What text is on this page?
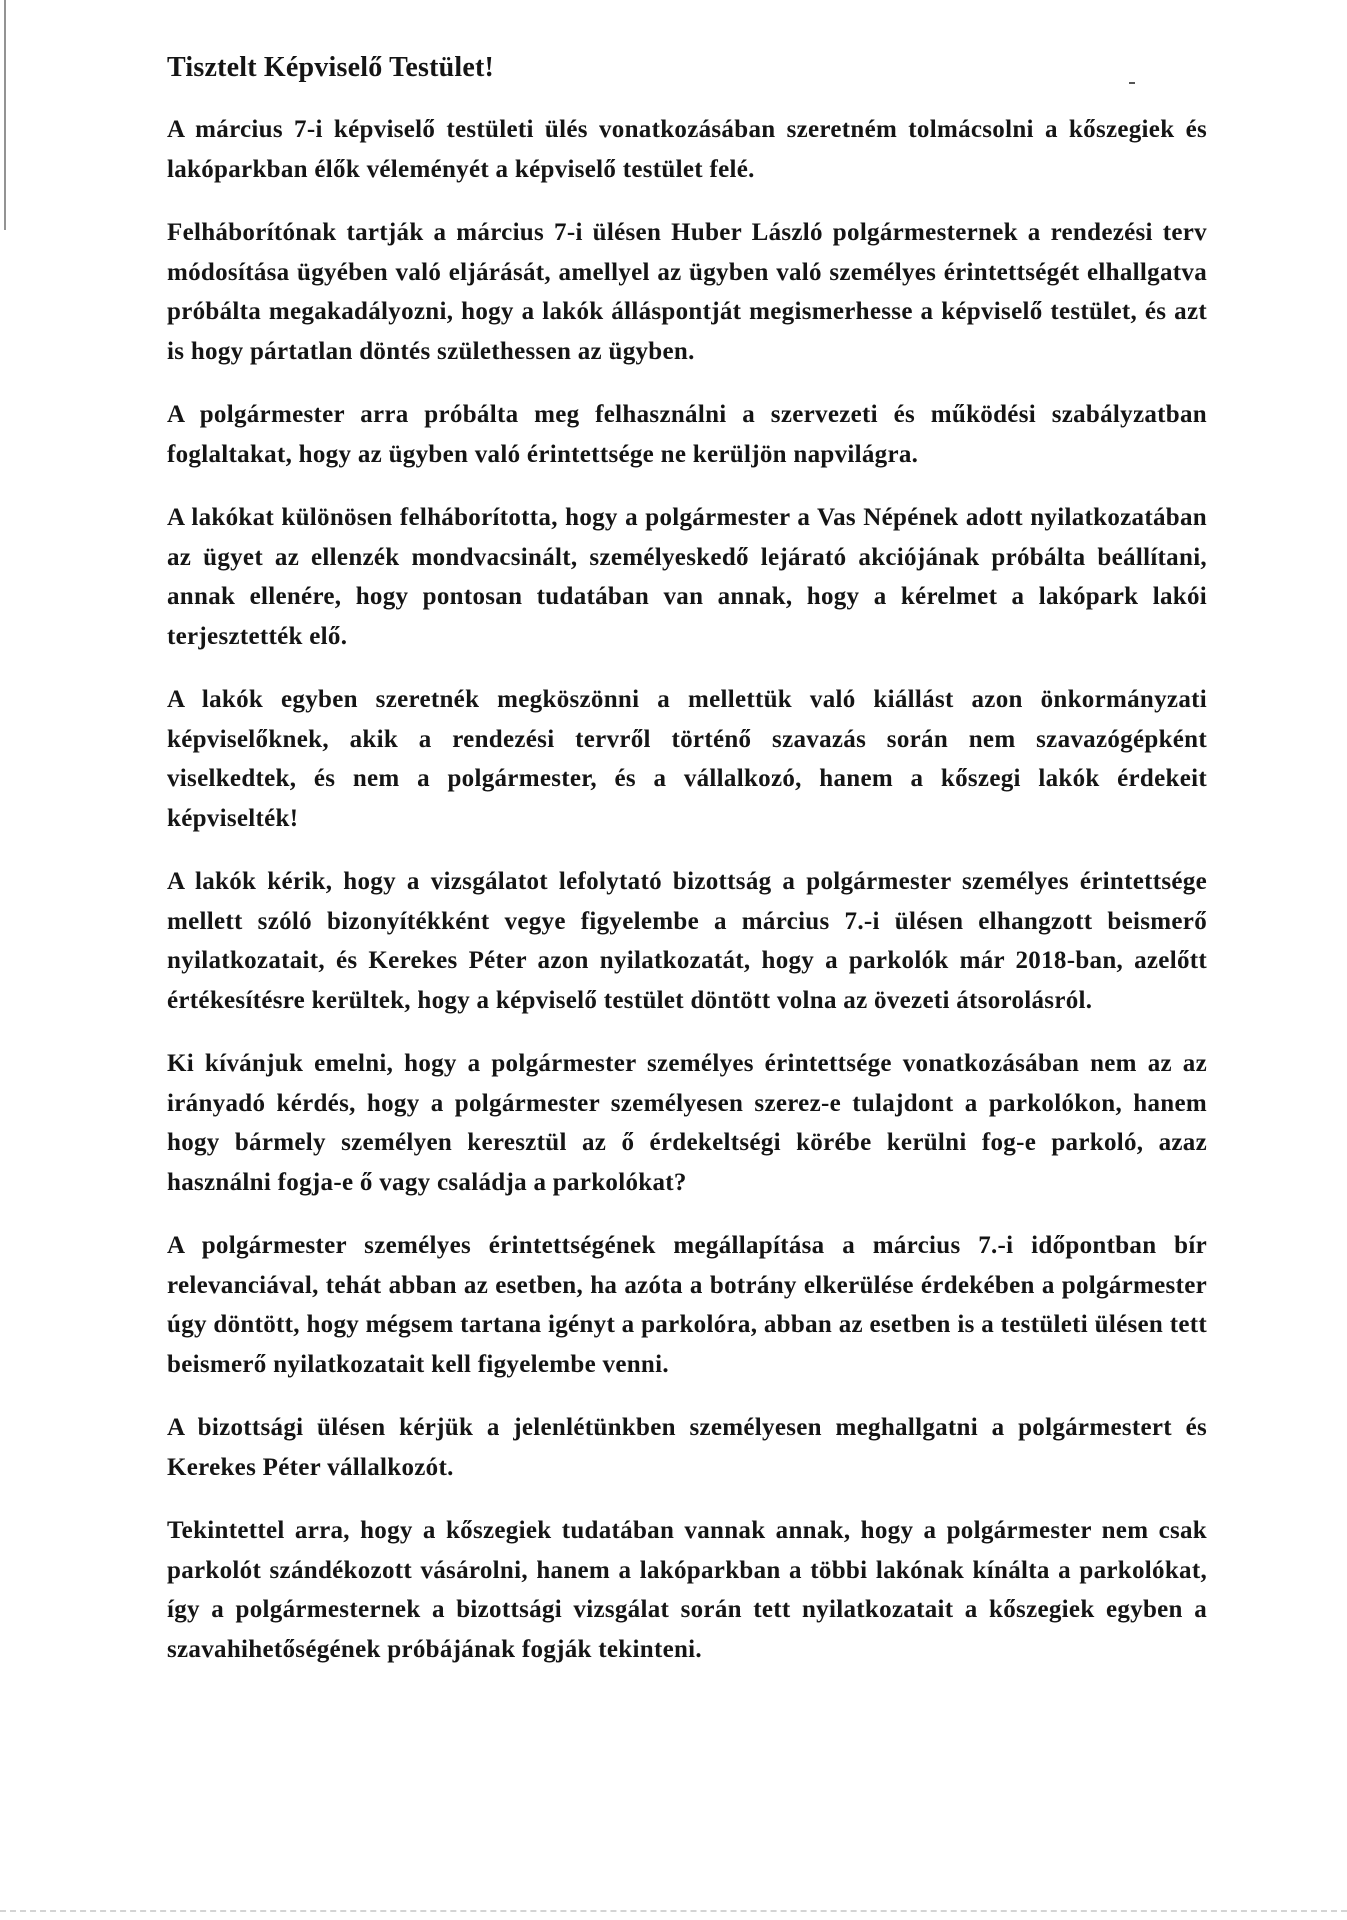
Tisztelt Képviselő Testület!

A március 7-i képviselő testületi ülés vonatkozásában szeretném tolmácsolni a kőszegiek és lakóparkban élők véleményét a képviselő testület felé.

Felháborítónak tartják a március 7-i ülésen Huber László polgármesternek a rendezési terv módosítása ügyében való eljárását, amellyel az ügyben való személyes érintettségét elhallgatva próbálta megakadályozni, hogy a lakók álláspontját megismerhesse a képviselő testület, és azt is hogy pártatlan döntés születhessen az ügyben.

A polgármester arra próbálta meg felhasználni a szervezeti és működési szabályzatban foglaltakat, hogy az ügyben való érintettsége ne kerüljön napvilágra.

A lakókat különösen felháborította, hogy a polgármester a Vas Népének adott nyilatkozatában az ügyet az ellenzék mondvacsinált, személyeskedő lejárató akciójának próbálta beállítani, annak ellenére, hogy pontosan tudatában van annak, hogy a kérelmet a lakópark lakói terjesztették elő.

A lakók egyben szeretnék megköszönni a mellettük való kiállást azon önkormányzati képviselőknek, akik a rendezési tervről történő szavazás során nem szavazógépként viselkedtek, és nem a polgármester, és a vállalkozó, hanem a kőszegi lakók érdekeit képviselték!

A lakók kérik, hogy a vizsgálatot lefolytató bizottság a polgármester személyes érintettsége mellett szóló bizonyítékként vegye figyelembe a március 7.-i ülésen elhangzott beismerő nyilatkozatait, és Kerekes Péter azon nyilatkozatát, hogy a parkolók már 2018-ban, azelőtt értékesítésre kerültek, hogy a képviselő testület döntött volna az övezeti átsorolásról.

Ki kívánjuk emelni, hogy a polgármester személyes érintettsége vonatkozásában nem az az irányadó kérdés, hogy a polgármester személyesen szerez-e tulajdont a parkolókon, hanem hogy bármely személyen keresztül az ő érdekeltségi körébe kerülni fog-e parkoló, azaz használni fogja-e ő vagy családja a parkolókat?

A polgármester személyes érintettségének megállapítása a március 7.-i időpontban bír relevanciával, tehát abban az esetben, ha azóta a botrány elkerülése érdekében a polgármester úgy döntött, hogy mégsem tartana igényt a parkolóra, abban az esetben is a testületi ülésen tett beismerő nyilatkozatait kell figyelembe venni.

A bizottsági ülésen kérjük a jelenlétünkben személyesen meghallgatni a polgármestert és Kerekes Péter vállalkozót.

Tekintettel arra, hogy a kőszegiek tudatában vannak annak, hogy a polgármester nem csak parkolót szándékozott vásárolni, hanem a lakóparkban a többi lakónak kínálta a parkolókat, így a polgármesternek a bizottsági vizsgálat során tett nyilatkozatait a kőszegiek egyben a szavahihetőségének próbájának fogják tekinteni.
